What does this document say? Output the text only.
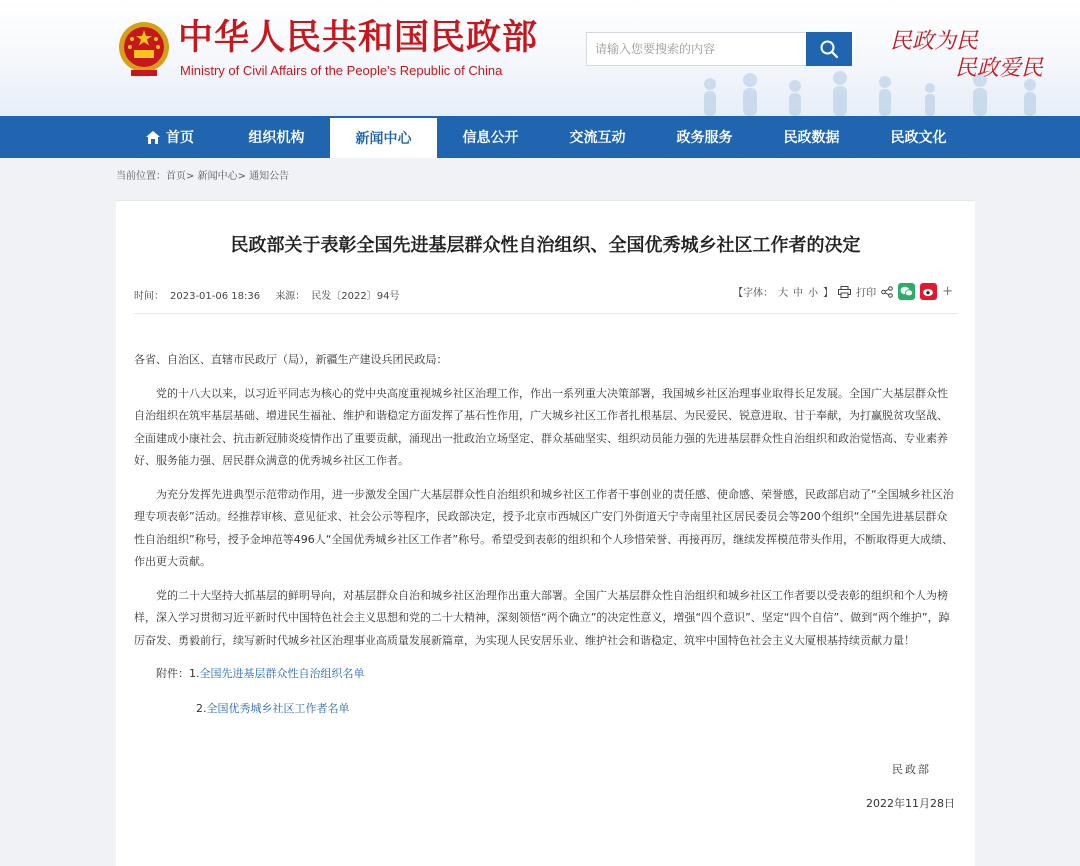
中华人民共和国民政部
Ministry of Civil Affairs of the People's Republic of China
请输入您要搜索的内容
民政为民
民政爱民
首页	组织机构	新闻中心	信息公开	交流互动	政务服务	民政数据	民政文化
当前位置：首页> 新闻中心> 通知公告
民政部关于表彰全国先进基层群众性自治组织、全国优秀城乡社区工作者的决定
时间： 2023-01-06 18:36 来源： 民发〔2022〕94号	【字体： 大 中 小 】 打印	+

各省、自治区、直辖市民政厅（局），新疆生产建设兵团民政局：

党的十八大以来，以习近平同志为核心的党中央高度重视城乡社区治理工作，作出一系列重大决策部署，我国城乡社区治理事业取得长足发展。全国广大基层群众性自治组织在筑牢基层基础、增进民生福祉、维护和谐稳定方面发挥了基石性作用，广大城乡社区工作者扎根基层、为民爱民、锐意进取、甘于奉献，为打赢脱贫攻坚战、全面建成小康社会、抗击新冠肺炎疫情作出了重要贡献，涌现出一批政治立场坚定、群众基础坚实、组织动员能力强的先进基层群众性自治组织和政治觉悟高、专业素养好、服务能力强、居民群众满意的优秀城乡社区工作者。

为充分发挥先进典型示范带动作用，进一步激发全国广大基层群众性自治组织和城乡社区工作者干事创业的责任感、使命感、荣誉感，民政部启动了“全国城乡社区治理专项表彰”活动。经推荐审核、意见征求、社会公示等程序，民政部决定，授予北京市西城区广安门外街道天宁寺南里社区居民委员会等200个组织“全国先进基层群众性自治组织”称号，授予金坤范等496人“全国优秀城乡社区工作者”称号。希望受到表彰的组织和个人珍惜荣誉、再接再厉，继续发挥模范带头作用，不断取得更大成绩、作出更大贡献。

党的二十大坚持大抓基层的鲜明导向，对基层群众自治和城乡社区治理作出重大部署。全国广大基层群众性自治组织和城乡社区工作者要以受表彰的组织和个人为榜样，深入学习贯彻习近平新时代中国特色社会主义思想和党的二十大精神，深刻领悟“两个确立”的决定性意义，增强“四个意识”、坚定“四个自信”、做到“两个维护”，踔厉奋发、勇毅前行，续写新时代城乡社区治理事业高质量发展新篇章，为实现人民安居乐业、维护社会和谐稳定、筑牢中国特色社会主义大厦根基持续贡献力量！

附件：1.全国先进基层群众性自治组织名单
2.全国优秀城乡社区工作者名单
民政部
2022年11月28日
